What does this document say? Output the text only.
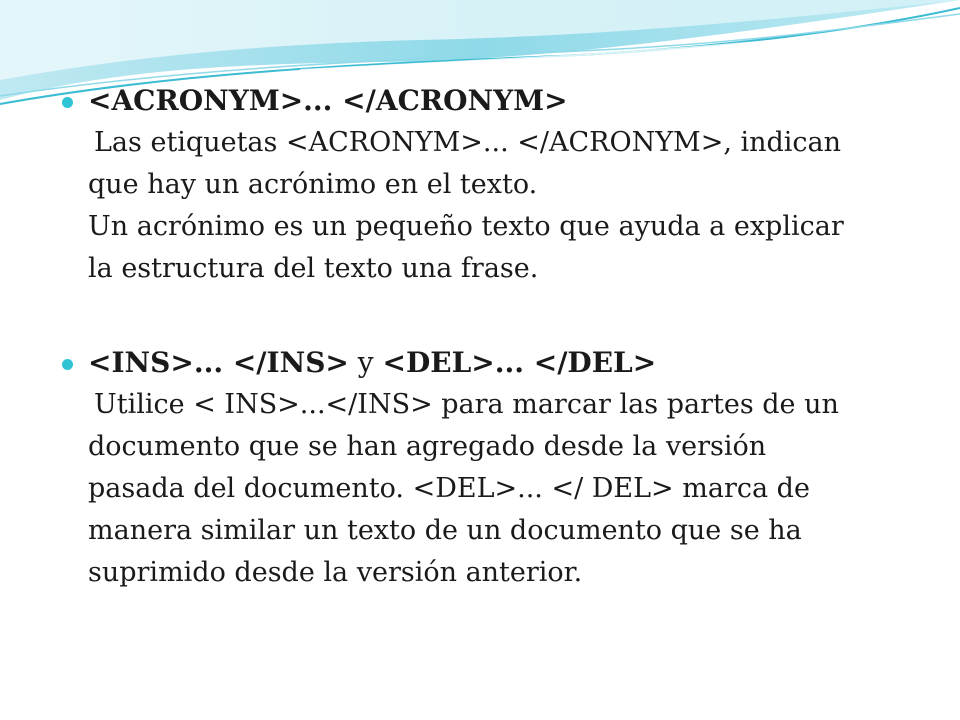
<ACRONYM>... </ACRONYM>

Las etiquetas <ACRONYM>... </ACRONYM>, indican
que hay un acrónimo en el texto.
Un acrónimo es un pequeño texto que ayuda a explicar
la estructura del texto una frase.

<INS>... </INS> y <DEL>... </DEL>

Utilice < INS>...</INS> para marcar las partes de un
documento que se han agregado desde la versión
pasada del documento. <DEL>... </ DEL> marca de
manera similar un texto de un documento que se ha
suprimido desde la versión anterior.
